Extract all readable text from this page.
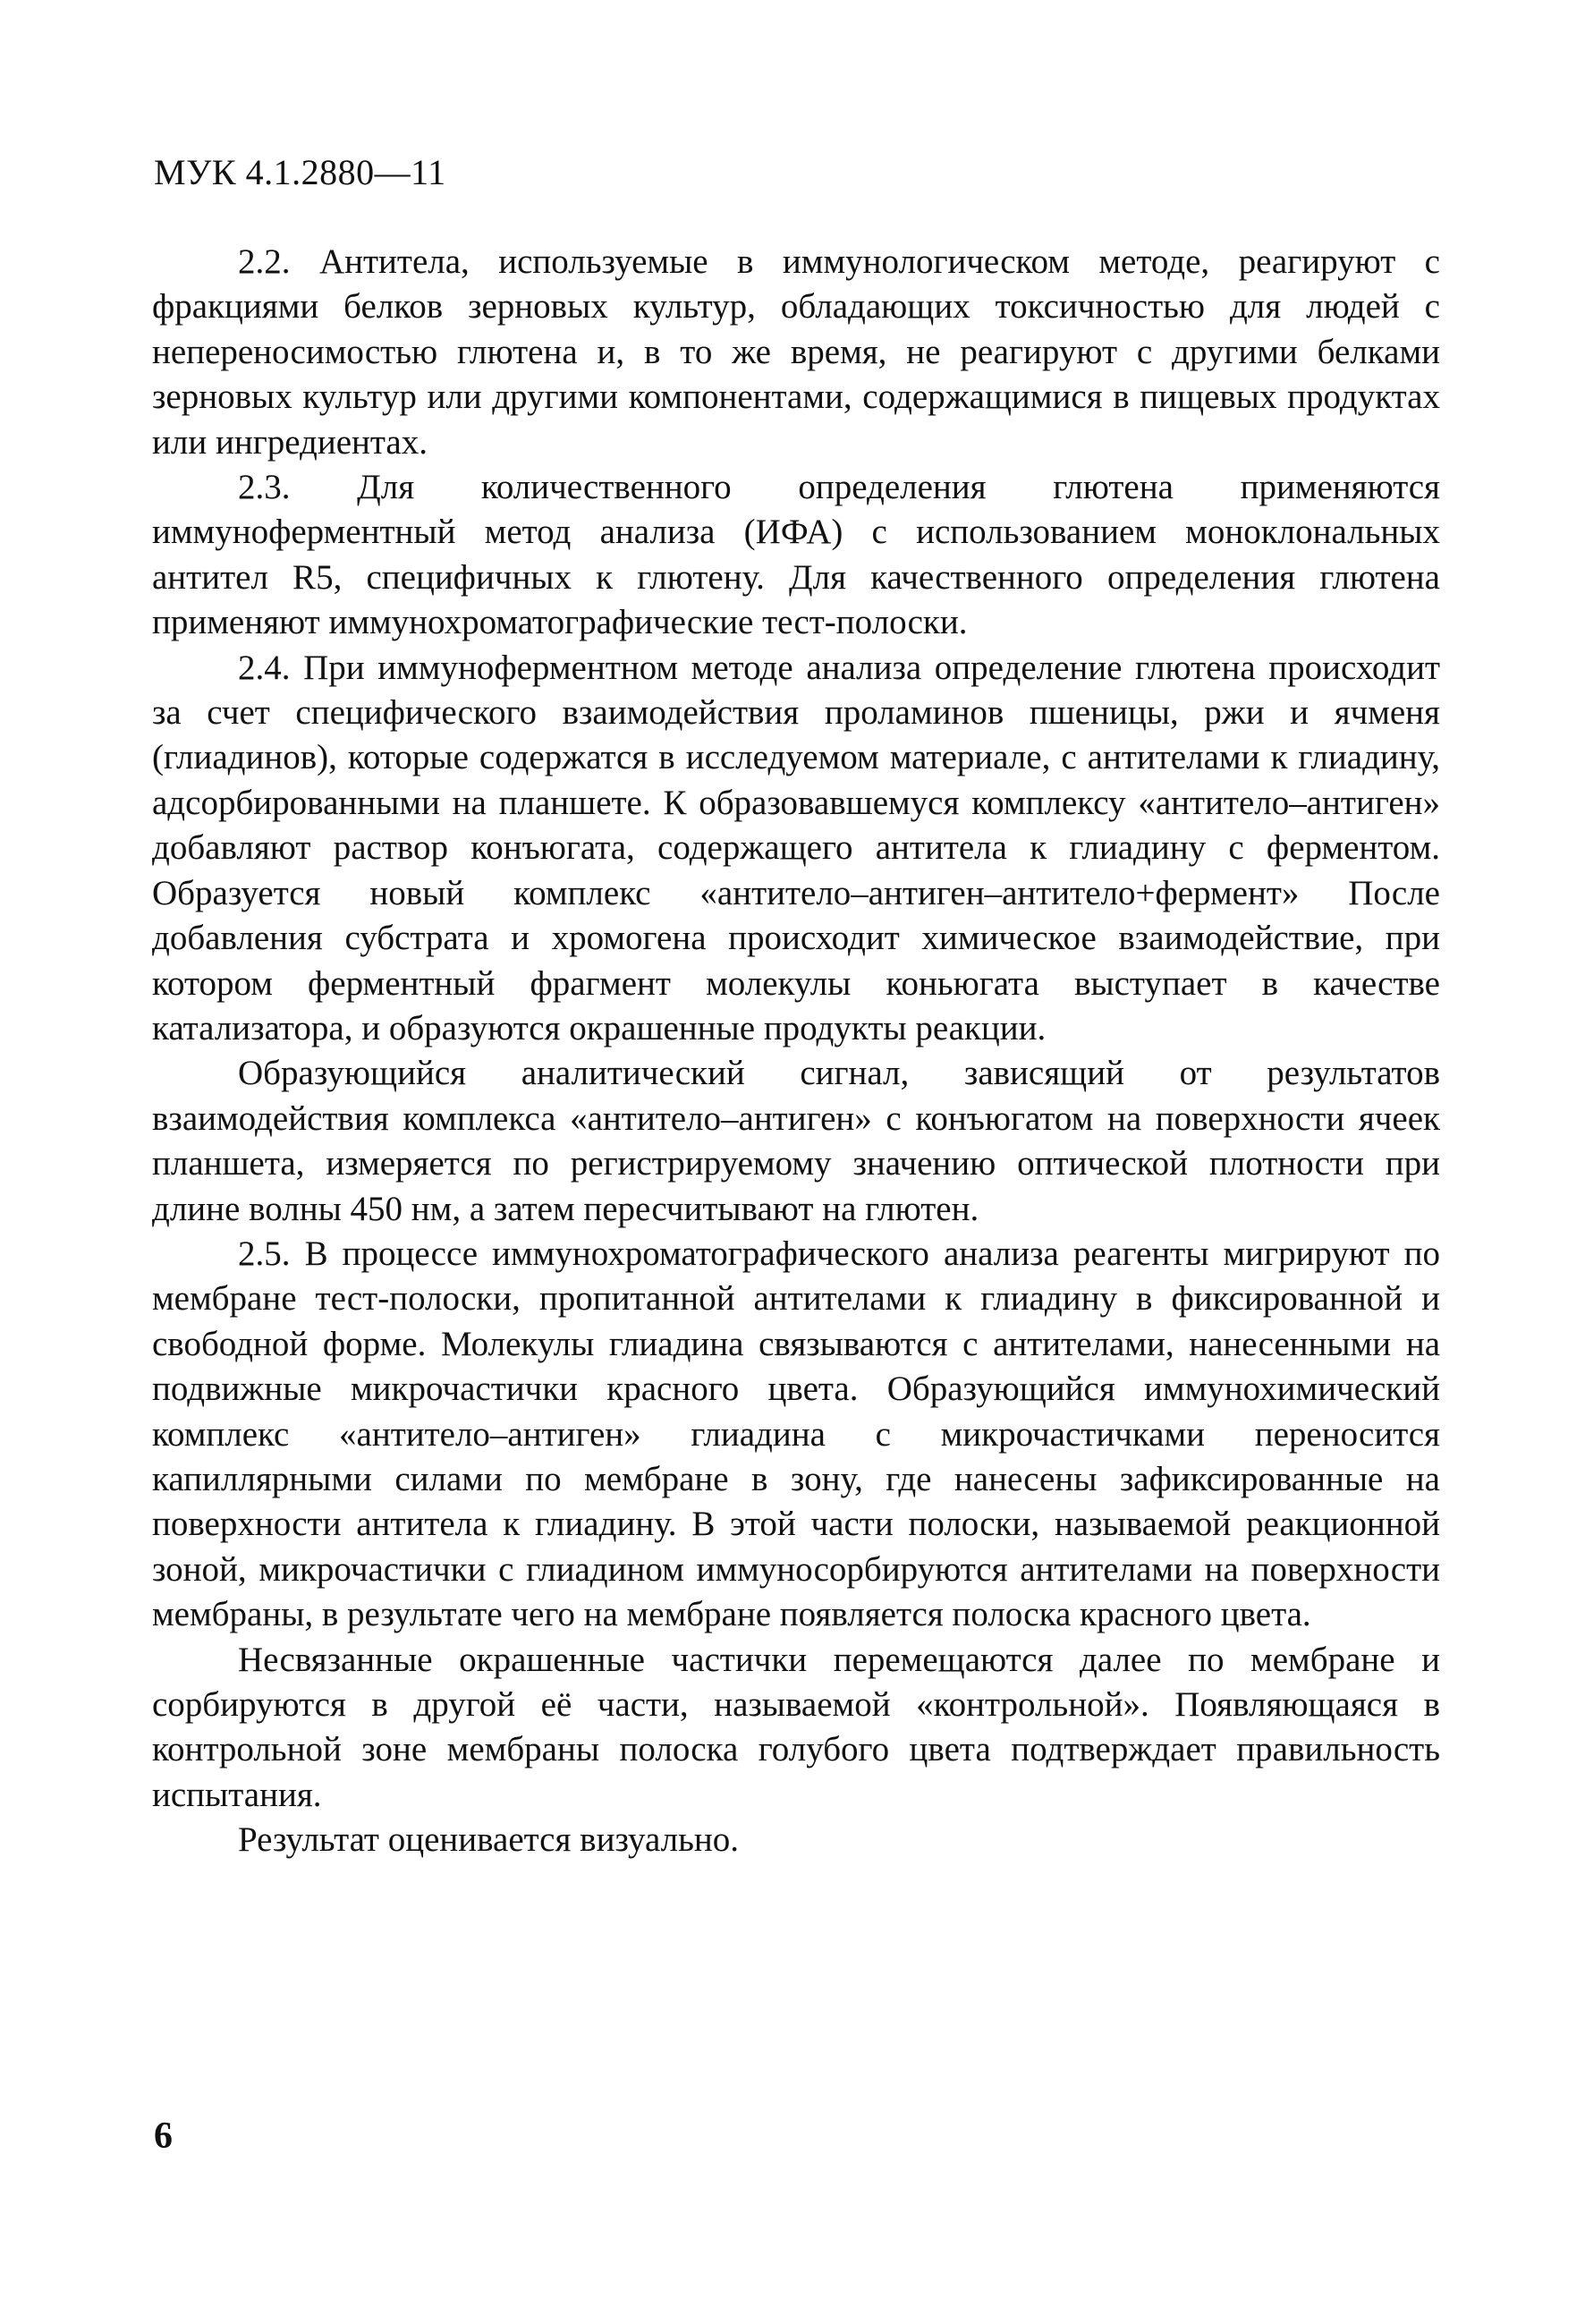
МУК 4.1.2880—11

2.2. Антитела, используемые в иммунологическом методе, реагируют с фракциями белков зерновых культур, обладающих токсичностью для людей с непереносимостью глютена и, в то же время, не реагируют с другими белками зерновых культур или другими компонентами, содержащимися в пищевых продуктах или ингредиентах.

2.3. Для количественного определения глютена применяются иммуноферментный метод анализа (ИФА) с использованием моноклональных антител R5, специфичных к глютену. Для качественного определения глютена применяют иммунохроматографические тест-полоски.

2.4. При иммуноферментном методе анализа определение глютена происходит за счет специфического взаимодействия проламинов пшеницы, ржи и ячменя (глиадинов), которые содержатся в исследуемом материале, с антителами к глиадину, адсорбированными на планшете. К образовавшемуся комплексу «антитело–антиген» добавляют раствор конъюгата, содержащего антитела к глиадину с ферментом. Образуется новый комплекс «антитело–антиген–антитело+фермент» После добавления субстрата и хромогена происходит химическое взаимодействие, при котором ферментный фрагмент молекулы коньюгата выступает в качестве катализатора, и образуются окрашенные продукты реакции.

Образующийся аналитический сигнал, зависящий от результатов взаимодействия комплекса «антитело–антиген» с конъюгатом на поверхности ячеек планшета, измеряется по регистрируемому значению оптической плотности при длине волны 450 нм, а затем пересчитывают на глютен.

2.5. В процессе иммунохроматографического анализа реагенты мигрируют по мембране тест-полоски, пропитанной антителами к глиадину в фиксированной и свободной форме. Молекулы глиадина связываются с антителами, нанесенными на подвижные микрочастички красного цвета. Образующийся иммунохимический комплекс «антитело–антиген» глиадина с микрочастичками переносится капиллярными силами по мембране в зону, где нанесены зафиксированные на поверхности антитела к глиадину. В этой части полоски, называемой реакционной зоной, микрочастички с глиадином иммуносорбируются антителами на поверхности мембраны, в результате чего на мембране появляется полоска красного цвета.

Несвязанные окрашенные частички перемещаются далее по мембране и сорбируются в другой её части, называемой «контрольной». Появляющаяся в контрольной зоне мембраны полоска голубого цвета подтверждает правильность испытания.

Результат оценивается визуально.

6
